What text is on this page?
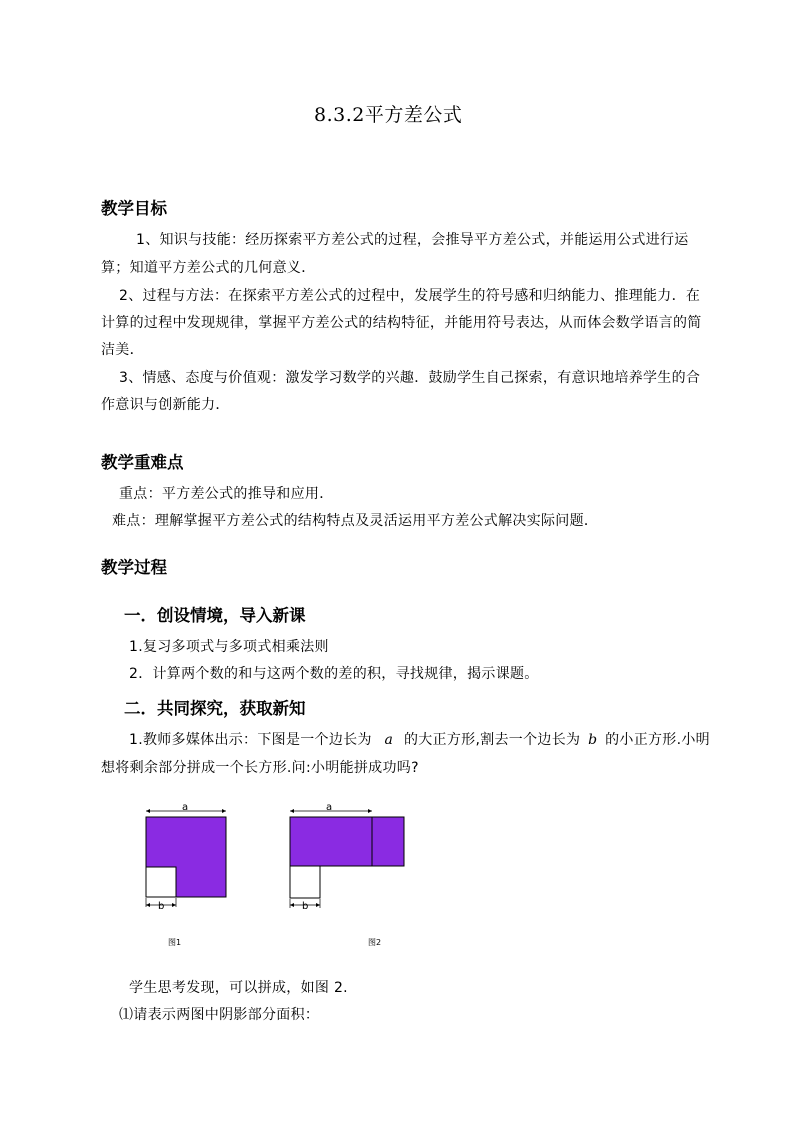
8.3.2平方差公式
教学目标
1、知识与技能：经历探索平方差公式的过程，会推导平方差公式，并能运用公式进行运
算；知道平方差公式的几何意义．
2、过程与方法：在探索平方差公式的过程中，发展学生的符号感和归纳能力、推理能力．在
计算的过程中发现规律，掌握平方差公式的结构特征，并能用符号表达，从而体会数学语言的简
洁美．
3、情感、态度与价值观：激发学习数学的兴趣．鼓励学生自己探索，有意识地培养学生的合
作意识与创新能力．
教学重难点
重点：平方差公式的推导和应用．
难点：理解掌握平方差公式的结构特点及灵活运用平方差公式解决实际问题．
教学过程
一．创设情境，导入新课
1.复习多项式与多项式相乘法则
2．计算两个数的和与这两个数的差的积，寻找规律，揭示课题。
二．共同探究，获取新知
1.教师多媒体出示：下图是一个边长为 a 的大正方形,割去一个边长为 b 的小正方形.小明
想将剩余部分拼成一个长方形.问:小明能拼成功吗?
a
b
图1
a
b
图2
学生思考发现，可以拼成，如图 2.
⑴请表示两图中阴影部分面积：
